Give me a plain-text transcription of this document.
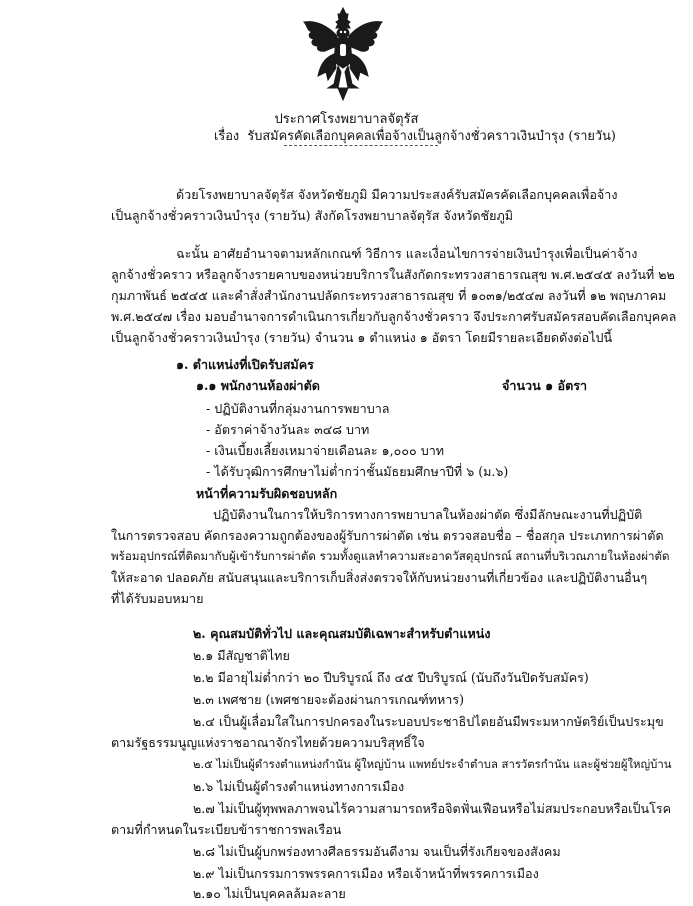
ประกาศโรงพยาบาลจัตุรัส
เรื่อง รับสมัครคัดเลือกบุคคลเพื่อจ้างเป็นลูกจ้างชั่วคราวเงินบำรุง (รายวัน)
ด้วยโรงพยาบาลจัตุรัส จังหวัดชัยภูมิ มีความประสงค์รับสมัครคัดเลือกบุคคลเพื่อจ้าง
เป็นลูกจ้างชั่วคราวเงินบำรุง (รายวัน) สังกัดโรงพยาบาลจัตุรัส จังหวัดชัยภูมิ
ฉะนั้น อาศัยอำนาจตามหลักเกณฑ์ วิธีการ และเงื่อนไขการจ่ายเงินบำรุงเพื่อเป็นค่าจ้าง
ลูกจ้างชั่วคราว หรือลูกจ้างรายคาบของหน่วยบริการในสังกัดกระทรวงสาธารณสุข พ.ศ.๒๕๔๕ ลงวันที่ ๒๒
กุมภาพันธ์ ๒๕๔๕ และคำสั่งสำนักงานปลัดกระทรวงสาธารณสุข ที่ ๑๐๓๑/๒๕๔๗ ลงวันที่ ๑๒ พฤษภาคม
พ.ศ.๒๕๔๗ เรื่อง มอบอำนาจการดำเนินการเกี่ยวกับลูกจ้างชั่วคราว จึงประกาศรับสมัครสอบคัดเลือกบุคคล
เป็นลูกจ้างชั่วคราวเงินบำรุง (รายวัน) จำนวน ๑ ตำแหน่ง ๑ อัตรา โดยมีรายละเอียดดังต่อไปนี้
๑. ตำแหน่งที่เปิดรับสมัคร
๑.๑ พนักงานห้องผ่าตัด	จำนวน ๑ อัตรา
- ปฏิบัติงานที่กลุ่มงานการพยาบาล
- อัตราค่าจ้างวันละ ๓๔๘ บาท
- เงินเบี้ยงเลี้ยงเหมาจ่ายเดือนละ ๑,๐๐๐ บาท
- ได้รับวุฒิการศึกษาไม่ต่ำกว่าชั้นมัธยมศึกษาปีที่ ๖ (ม.๖)
หน้าที่ความรับผิดชอบหลัก
ปฏิบัติงานในการให้บริการทางการพยาบาลในห้องผ่าตัด ซึ่งมีลักษณะงานที่ปฏิบัติ
ในการตรวจสอบ คัดกรองความถูกต้องของผู้รับการผ่าตัด เช่น ตรวจสอบชื่อ – ชื่อสกุล ประเภทการผ่าตัด
พร้อมอุปกรณ์ที่ติดมากับผู้เข้ารับการผ่าตัด รวมทั้งดูแลทำความสะอาดวัสดุอุปกรณ์ สถานที่บริเวณภายในห้องผ่าตัด
ให้สะอาด ปลอดภัย สนับสนุนและบริการเก็บสิ่งส่งตรวจให้กับหน่วยงานที่เกี่ยวข้อง และปฏิบัติงานอื่นๆ
ที่ได้รับมอบหมาย
๒. คุณสมบัติทั่วไป และคุณสมบัติเฉพาะสำหรับตำแหน่ง
๒.๑ มีสัญชาติไทย
๒.๒ มีอายุไม่ต่ำกว่า ๒๐ ปีบริบูรณ์ ถึง ๔๕ ปีบริบูรณ์ (นับถึงวันปิดรับสมัคร)
๒.๓ เพศชาย (เพศชายจะต้องผ่านการเกณฑ์ทหาร)
๒.๔ เป็นผู้เลื่อมใสในการปกครองในระบอบประชาธิปไตยอันมีพระมหากษัตริย์เป็นประมุข
ตามรัฐธรรมนูญแห่งราชอาณาจักรไทยด้วยความบริสุทธิ์ใจ
๒.๕ ไม่เป็นผู้ดำรงตำแหน่งกำนัน ผู้ใหญ่บ้าน แพทย์ประจำตำบล สารวัตรกำนัน และผู้ช่วยผู้ใหญ่บ้าน
๒.๖ ไม่เป็นผู้ดำรงตำแหน่งทางการเมือง
๒.๗ ไม่เป็นผู้ทุพพลภาพจนไร้ความสามารถหรือจิตฟั่นเฟือนหรือไม่สมประกอบหรือเป็นโรค
ตามที่กำหนดในระเบียบข้าราชการพลเรือน
๒.๘ ไม่เป็นผู้บกพร่องทางศีลธรรมอันดีงาม จนเป็นที่รังเกียจของสังคม
๒.๙ ไม่เป็นกรรมการพรรคการเมือง หรือเจ้าหน้าที่พรรคการเมือง
๒.๑๐ ไม่เป็นบุคคลล้มละลาย
